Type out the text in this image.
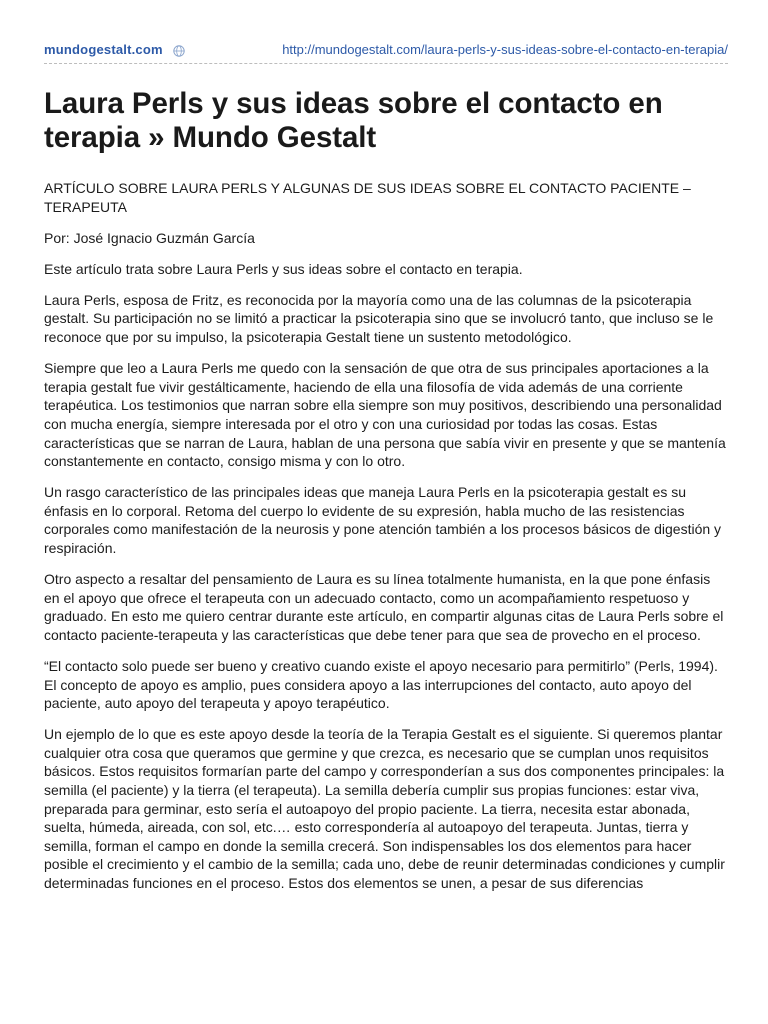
mundogestalt.com	http://mundogestalt.com/laura-perls-y-sus-ideas-sobre-el-contacto-en-terapia/
Laura Perls y sus ideas sobre el contacto en terapia » Mundo Gestalt

ARTÍCULO SOBRE LAURA PERLS Y ALGUNAS DE SUS IDEAS SOBRE EL CONTACTO PACIENTE – TERAPEUTA

Por: José Ignacio Guzmán García

Este artículo trata sobre Laura Perls y sus ideas sobre el contacto en terapia.

Laura Perls, esposa de Fritz, es reconocida por la mayoría como una de las columnas de la psicoterapia gestalt. Su participación no se limitó a practicar la psicoterapia sino que se involucró tanto, que incluso se le reconoce que por su impulso, la psicoterapia Gestalt tiene un sustento metodológico.

Siempre que leo a Laura Perls me quedo con la sensación de que otra de sus principales aportaciones a la terapia gestalt fue vivir gestálticamente, haciendo de ella una filosofía de vida además de una corriente terapéutica. Los testimonios que narran sobre ella siempre son muy positivos, describiendo una personalidad con mucha energía, siempre interesada por el otro y con una curiosidad por todas las cosas. Estas características que se narran de Laura, hablan de una persona que sabía vivir en presente y que se mantenía constantemente en contacto, consigo misma y con lo otro.

Un rasgo característico de las principales ideas que maneja Laura Perls en la psicoterapia gestalt es su énfasis en lo corporal. Retoma del cuerpo lo evidente de su expresión, habla mucho de las resistencias corporales como manifestación de la neurosis y pone atención también a los procesos básicos de digestión y respiración.

Otro aspecto a resaltar del pensamiento de Laura es su línea totalmente humanista, en la que pone énfasis en el apoyo que ofrece el terapeuta con un adecuado contacto, como un acompañamiento respetuoso y graduado. En esto me quiero centrar durante este artículo, en compartir algunas citas de Laura Perls sobre el contacto paciente-terapeuta y las características que debe tener para que sea de provecho en el proceso.

“El contacto solo puede ser bueno y creativo cuando existe el apoyo necesario para permitirlo” (Perls, 1994). El concepto de apoyo es amplio, pues considera apoyo a las interrupciones del contacto, auto apoyo del paciente, auto apoyo del terapeuta y apoyo terapéutico.

Un ejemplo de lo que es este apoyo desde la teoría de la Terapia Gestalt es el siguiente. Si queremos plantar cualquier otra cosa que queramos que germine y que crezca, es necesario que se cumplan unos requisitos básicos. Estos requisitos formarían parte del campo y corresponderían a sus dos componentes principales: la semilla (el paciente) y la tierra (el terapeuta). La semilla debería cumplir sus propias funciones: estar viva, preparada para germinar, esto sería el autoapoyo del propio paciente. La tierra, necesita estar abonada, suelta, húmeda, aireada, con sol, etc.… esto correspondería al autoapoyo del terapeuta. Juntas, tierra y semilla, forman el campo en donde la semilla crecerá. Son indispensables los dos elementos para hacer posible el crecimiento y el cambio de la semilla; cada uno, debe de reunir determinadas condiciones y cumplir determinadas funciones en el proceso. Estos dos elementos se unen, a pesar de sus diferencias
